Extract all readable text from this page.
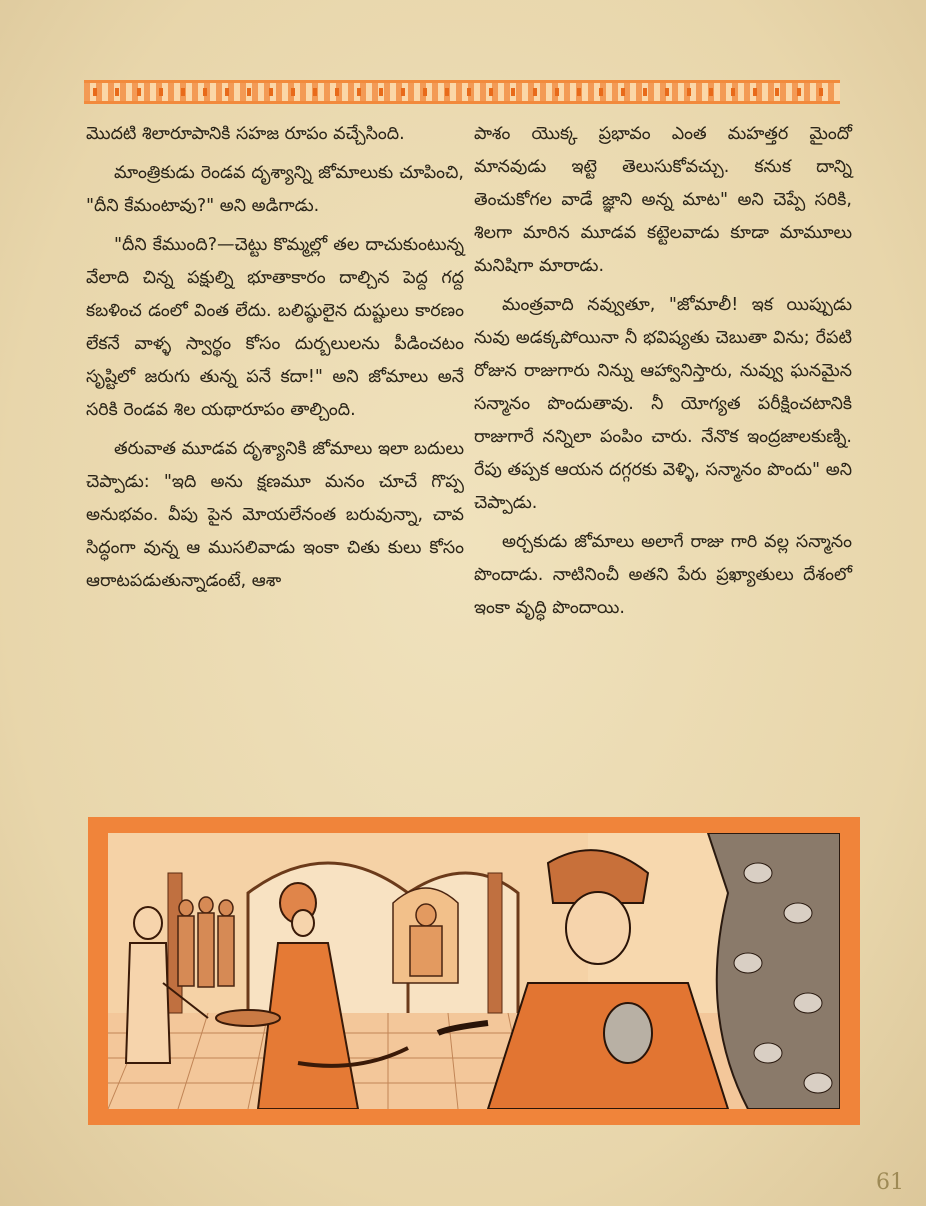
మొదటి శిలారూపానికి సహజ రూపం వచ్చేసింది.

మాంత్రికుడు రెండవ దృశ్యాన్ని జోమాలుకు చూపించి, "దీని కేమంటావు?" అని అడిగాడు.

"దీని కేముంది?—చెట్టు కొమ్మల్లో తల దాచుకుంటున్న వేలాది చిన్న పక్షుల్ని భూతాకారం దాల్చిన పెద్ద గద్ద కబళించ డంలో వింత లేదు. బలిష్ఠులైన దుష్టులు కారణం లేకనే వాళ్ళ స్వార్థం కోసం దుర్బలులను పీడించటం సృష్టిలో జరుగు తున్న పనే కదా!" అని జోమాలు అనే సరికి రెండవ శిల యథారూపం తాల్చింది.

తరువాత మూడవ దృశ్యానికి జోమాలు ఇలా బదులు చెప్పాడు: "ఇది అను క్షణమూ మనం చూచే గొప్ప అనుభవం. వీపు పైన మోయలేనంత బరువున్నా, చావ సిద్ధంగా వున్న ఆ ముసలివాడు ఇంకా చితు కులు కోసం ఆరాటపడుతున్నాడంటే, ఆశా

పాశం యొక్క ప్రభావం ఎంత మహత్తర మైందో మానవుడు ఇట్టె తెలుసుకోవచ్చు. కనుక దాన్ని తెంచుకోగల వాడే జ్ఞాని అన్న మాట" అని చెప్పే సరికి, శిలగా మారిన మూడవ కట్టెలవాడు కూడా మామూలు మనిషిగా మారాడు.

మంత్రవాది నవ్వుతూ, "జోమాలీ! ఇక యిప్పుడు నువు అడక్కపోయినా నీ భవిష్యతు చెబుతా విను; రేపటి రోజున రాజుగారు నిన్ను ఆహ్వానిస్తారు, నువ్వు ఘనమైన సన్మానం పొందుతావు. నీ యోగ్యత పరీక్షించటానికి రాజుగారే నన్నిలా పంపిం చారు. నేనొక ఇంద్రజాలకుణ్ని. రేపు తప్పక ఆయన దగ్గరకు వెళ్ళి, సన్మానం పొందు" అని చెప్పాడు.

అర్చకుడు జోమాలు అలాగే రాజు గారి వల్ల సన్మానం పొందాడు. నాటినించీ అతని పేరు ప్రఖ్యాతులు దేశంలో ఇంకా వృద్ధి పొందాయి.

61
